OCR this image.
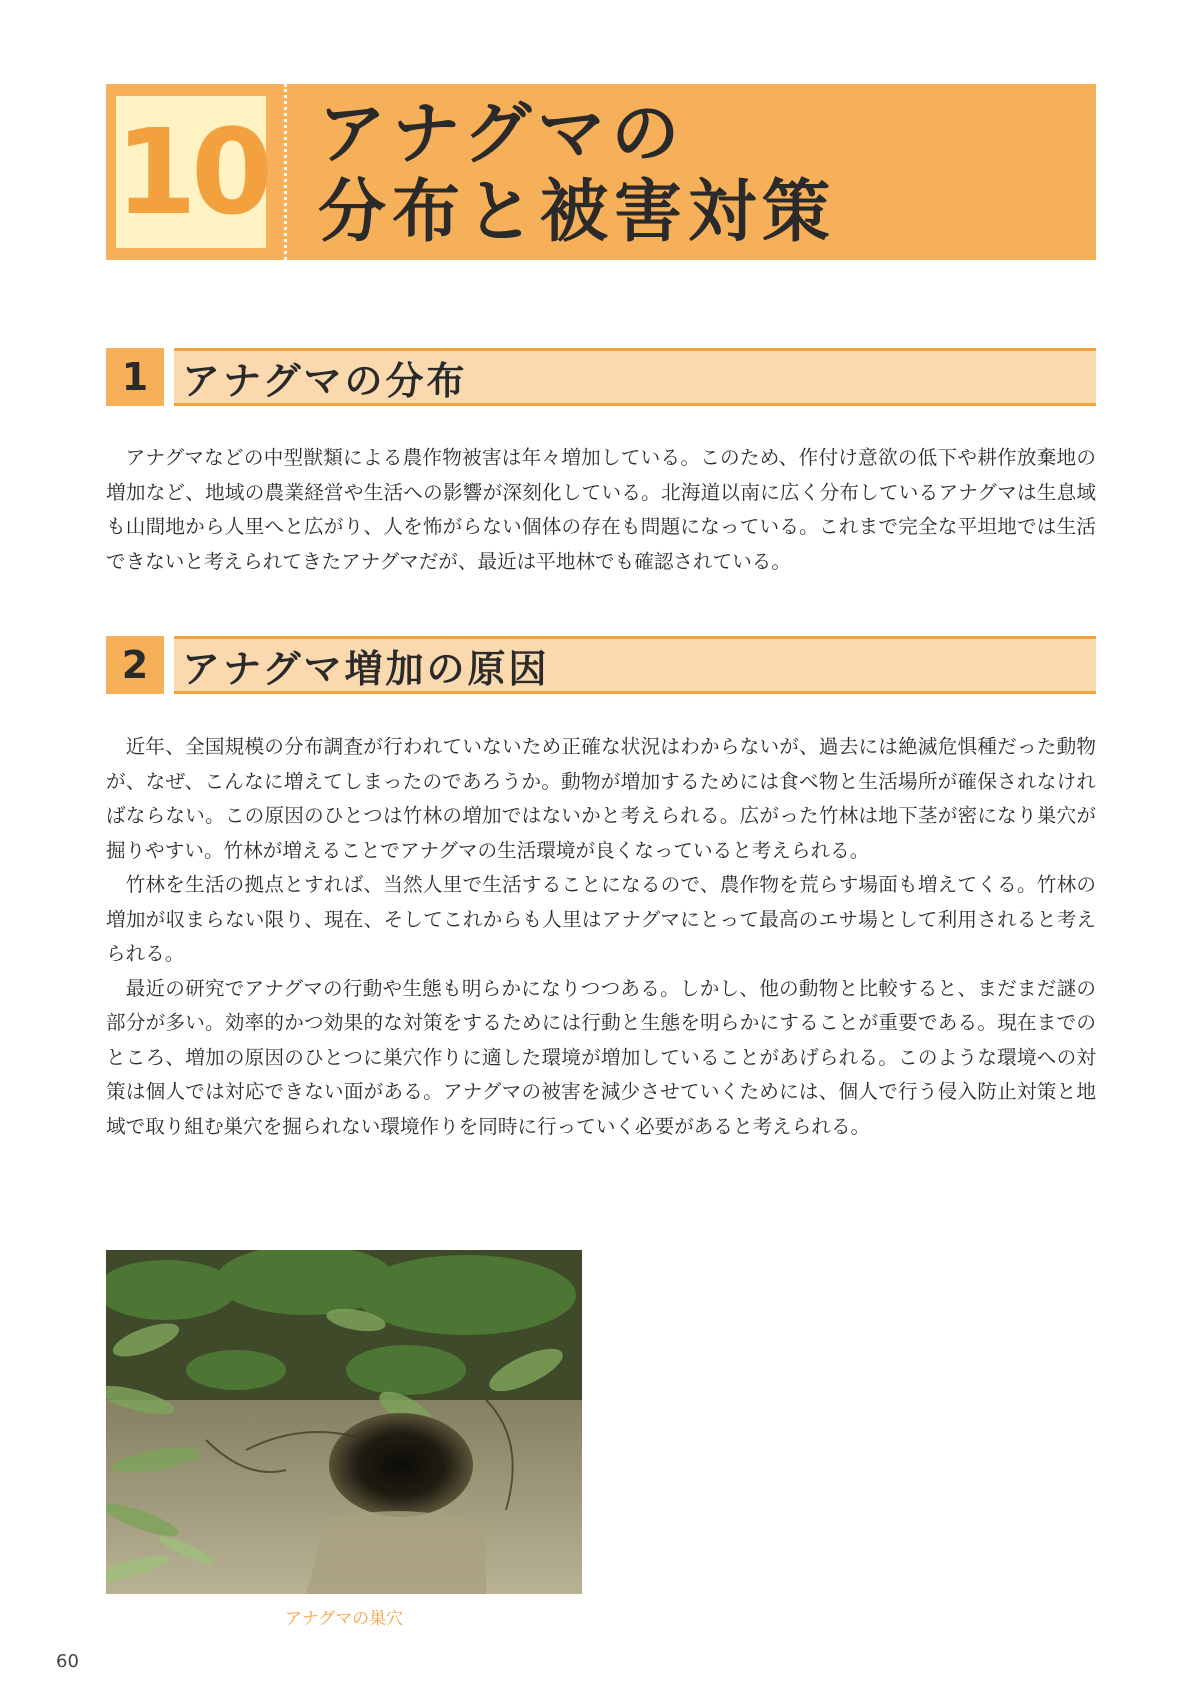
10 アナグマの
分布と被害対策
1 アナグマの分布

アナグマなどの中型獣類による農作物被害は年々増加している。このため、作付け意欲の低下や耕作放棄地の増加など、地域の農業経営や生活への影響が深刻化している。北海道以南に広く分布しているアナグマは生息域も山間地から人里へと広がり、人を怖がらない個体の存在も問題になっている。これまで完全な平坦地では生活できないと考えられてきたアナグマだが、最近は平地林でも確認されている。

2 アナグマ増加の原因

近年、全国規模の分布調査が行われていないため正確な状況はわからないが、過去には絶滅危惧種だった動物が、なぜ、こんなに増えてしまったのであろうか。動物が増加するためには食べ物と生活場所が確保されなければならない。この原因のひとつは竹林の増加ではないかと考えられる。広がった竹林は地下茎が密になり巣穴が掘りやすい。竹林が増えることでアナグマの生活環境が良くなっていると考えられる。

竹林を生活の拠点とすれば、当然人里で生活することになるので、農作物を荒らす場面も増えてくる。竹林の増加が収まらない限り、現在、そしてこれからも人里はアナグマにとって最高のエサ場として利用されると考えられる。

最近の研究でアナグマの行動や生態も明らかになりつつある。しかし、他の動物と比較すると、まだまだ謎の部分が多い。効率的かつ効果的な対策をするためには行動と生態を明らかにすることが重要である。現在までのところ、増加の原因のひとつに巣穴作りに適した環境が増加していることがあげられる。このような環境への対策は個人では対応できない面がある。アナグマの被害を減少させていくためには、個人で行う侵入防止対策と地域で取り組む巣穴を掘られない環境作りを同時に行っていく必要があると考えられる。

アナグマの巣穴
60
